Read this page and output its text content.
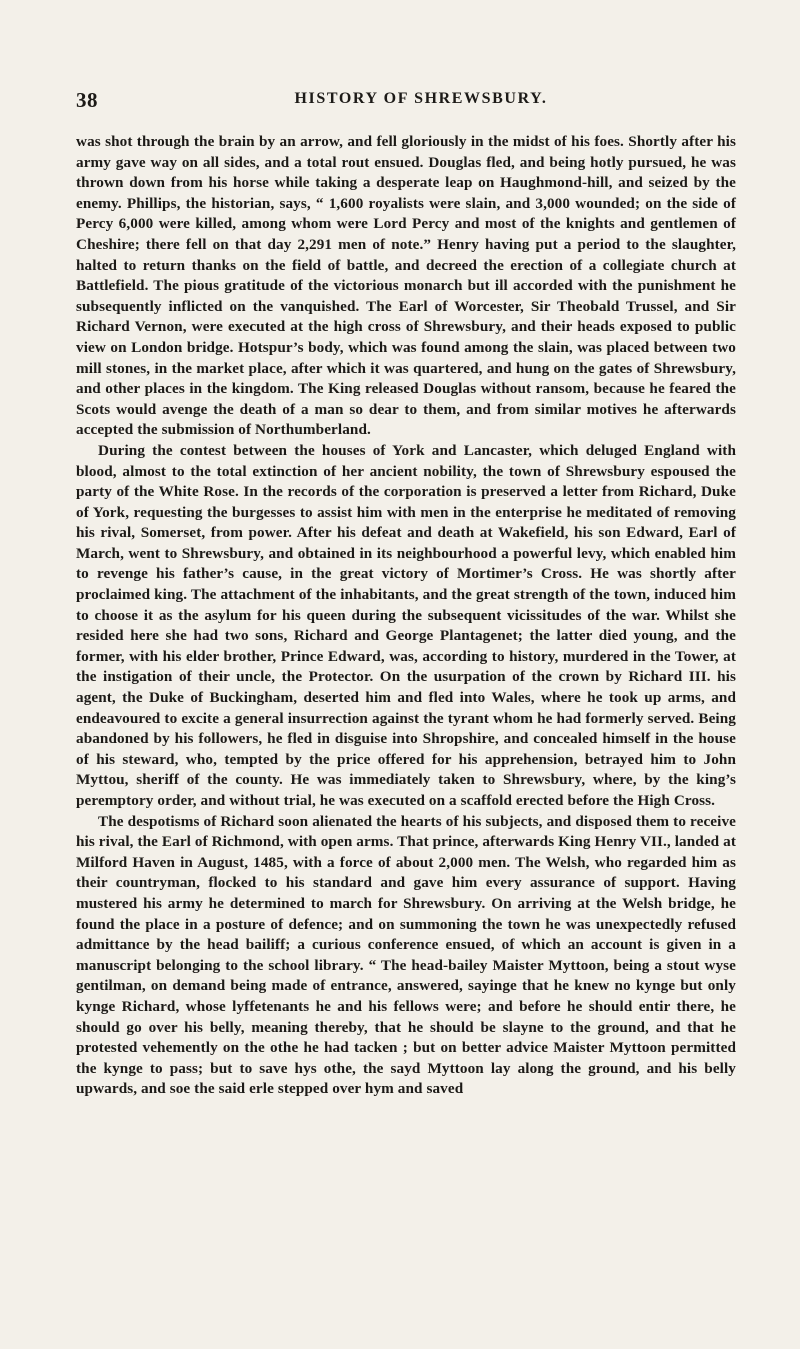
38	HISTORY OF SHREWSBURY.

was shot through the brain by an arrow, and fell gloriously in the midst of his foes. Shortly after his army gave way on all sides, and a total rout ensued. Douglas fled, and being hotly pursued, he was thrown down from his horse while taking a desperate leap on Haughmond-hill, and seized by the enemy. Phillips, the historian, says, “ 1,600 royalists were slain, and 3,000 wounded; on the side of Percy 6,000 were killed, among whom were Lord Percy and most of the knights and gentlemen of Cheshire; there fell on that day 2,291 men of note.” Henry having put a period to the slaughter, halted to return thanks on the field of battle, and decreed the erection of a collegiate church at Battlefield. The pious gratitude of the victorious monarch but ill accorded with the punishment he subsequently inflicted on the vanquished. The Earl of Worcester, Sir Theobald Trussel, and Sir Richard Vernon, were executed at the high cross of Shrewsbury, and their heads exposed to public view on London bridge. Hotspur’s body, which was found among the slain, was placed between two mill stones, in the market place, after which it was quartered, and hung on the gates of Shrewsbury, and other places in the kingdom. The King released Douglas without ransom, because he feared the Scots would avenge the death of a man so dear to them, and from similar motives he afterwards accepted the submission of Northumberland.

During the contest between the houses of York and Lancaster, which deluged England with blood, almost to the total extinction of her ancient nobility, the town of Shrewsbury espoused the party of the White Rose. In the records of the corporation is preserved a letter from Richard, Duke of York, requesting the burgesses to assist him with men in the enterprise he meditated of removing his rival, Somerset, from power. After his defeat and death at Wakefield, his son Edward, Earl of March, went to Shrewsbury, and obtained in its neighbourhood a powerful levy, which enabled him to revenge his father’s cause, in the great victory of Mortimer’s Cross. He was shortly after proclaimed king. The attachment of the inhabitants, and the great strength of the town, induced him to choose it as the asylum for his queen during the subsequent vicissitudes of the war. Whilst she resided here she had two sons, Richard and George Plantagenet; the latter died young, and the former, with his elder brother, Prince Edward, was, according to history, murdered in the Tower, at the instigation of their uncle, the Protector. On the usurpation of the crown by Richard III. his agent, the Duke of Buckingham, deserted him and fled into Wales, where he took up arms, and endeavoured to excite a general insurrection against the tyrant whom he had formerly served. Being abandoned by his followers, he fled in disguise into Shropshire, and concealed himself in the house of his steward, who, tempted by the price offered for his apprehension, betrayed him to John Myttou, sheriff of the county. He was immediately taken to Shrewsbury, where, by the king’s peremptory order, and without trial, he was executed on a scaffold erected before the High Cross.

The despotisms of Richard soon alienated the hearts of his subjects, and disposed them to receive his rival, the Earl of Richmond, with open arms. That prince, afterwards King Henry VII., landed at Milford Haven in August, 1485, with a force of about 2,000 men. The Welsh, who regarded him as their countryman, flocked to his standard and gave him every assurance of support. Having mustered his army he determined to march for Shrewsbury. On arriving at the Welsh bridge, he found the place in a posture of defence; and on summoning the town he was unexpectedly refused admittance by the head bailiff; a curious conference ensued, of which an account is given in a manuscript belonging to the school library. “ The head-bailey Maister Myttoon, being a stout wyse gentilman, on demand being made of entrance, answered, sayinge that he knew no kynge but only kynge Richard, whose lyffetenants he and his fellows were; and before he should entir there, he should go over his belly, meaning thereby, that he should be slayne to the ground, and that he protested vehemently on the othe he had tacken ; but on better advice Maister Myttoon permitted the kynge to pass; but to save hys othe, the sayd Myttoon lay along the ground, and his belly upwards, and soe the said erle stepped over hym and saved
